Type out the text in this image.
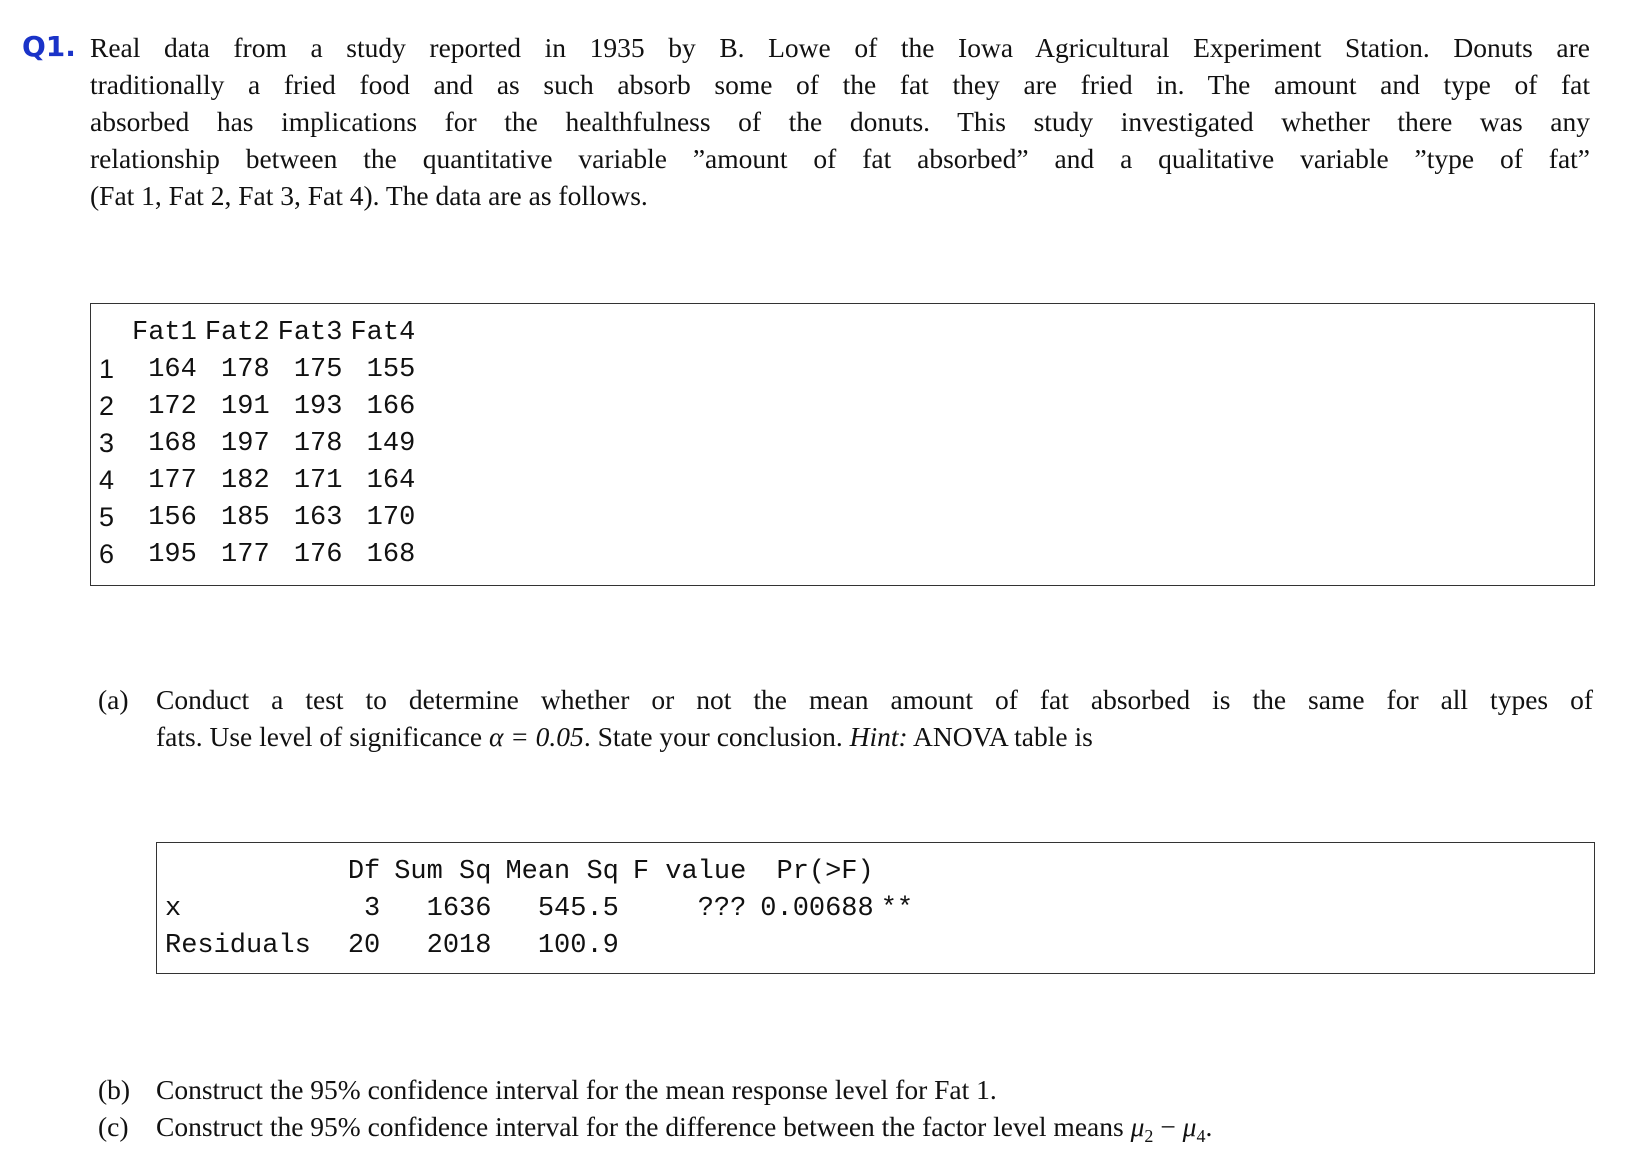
Q1. Real data from a study reported in 1935 by B. Lowe of the Iowa Agricultural Experiment Station. Donuts are
traditionally a fried food and as such absorb some of the fat they are fried in. The amount and type of fat
absorbed has implications for the healthfulness of the donuts. This study investigated whether there was any
relationship between the quantitative variable ”amount of fat absorbed” and a qualitative variable ”type of fat”
(Fat 1, Fat 2, Fat 3, Fat 4). The data are as follows.
	Fat1	Fat2	Fat3	Fat4
1	164	178	175	155
2	172	191	193	166
3	168	197	178	149
4	177	182	171	164
5	156	185	163	170
6	195	177	176	168
(a) Conduct a test to determine whether or not the mean amount of fat absorbed is the same for all types of
fats. Use level of significance α = 0.05. State your conclusion. Hint: ANOVA table is
	Df	Sum Sq	Mean Sq	F value	Pr(>F)	
x	3	1636	545.5	???	0.00688	**
Residuals	20	2018	100.9			
(b) Construct the 95% confidence interval for the mean response level for Fat 1.
(c) Construct the 95% confidence interval for the difference between the factor level means $\mu_2 - \mu_4$.
